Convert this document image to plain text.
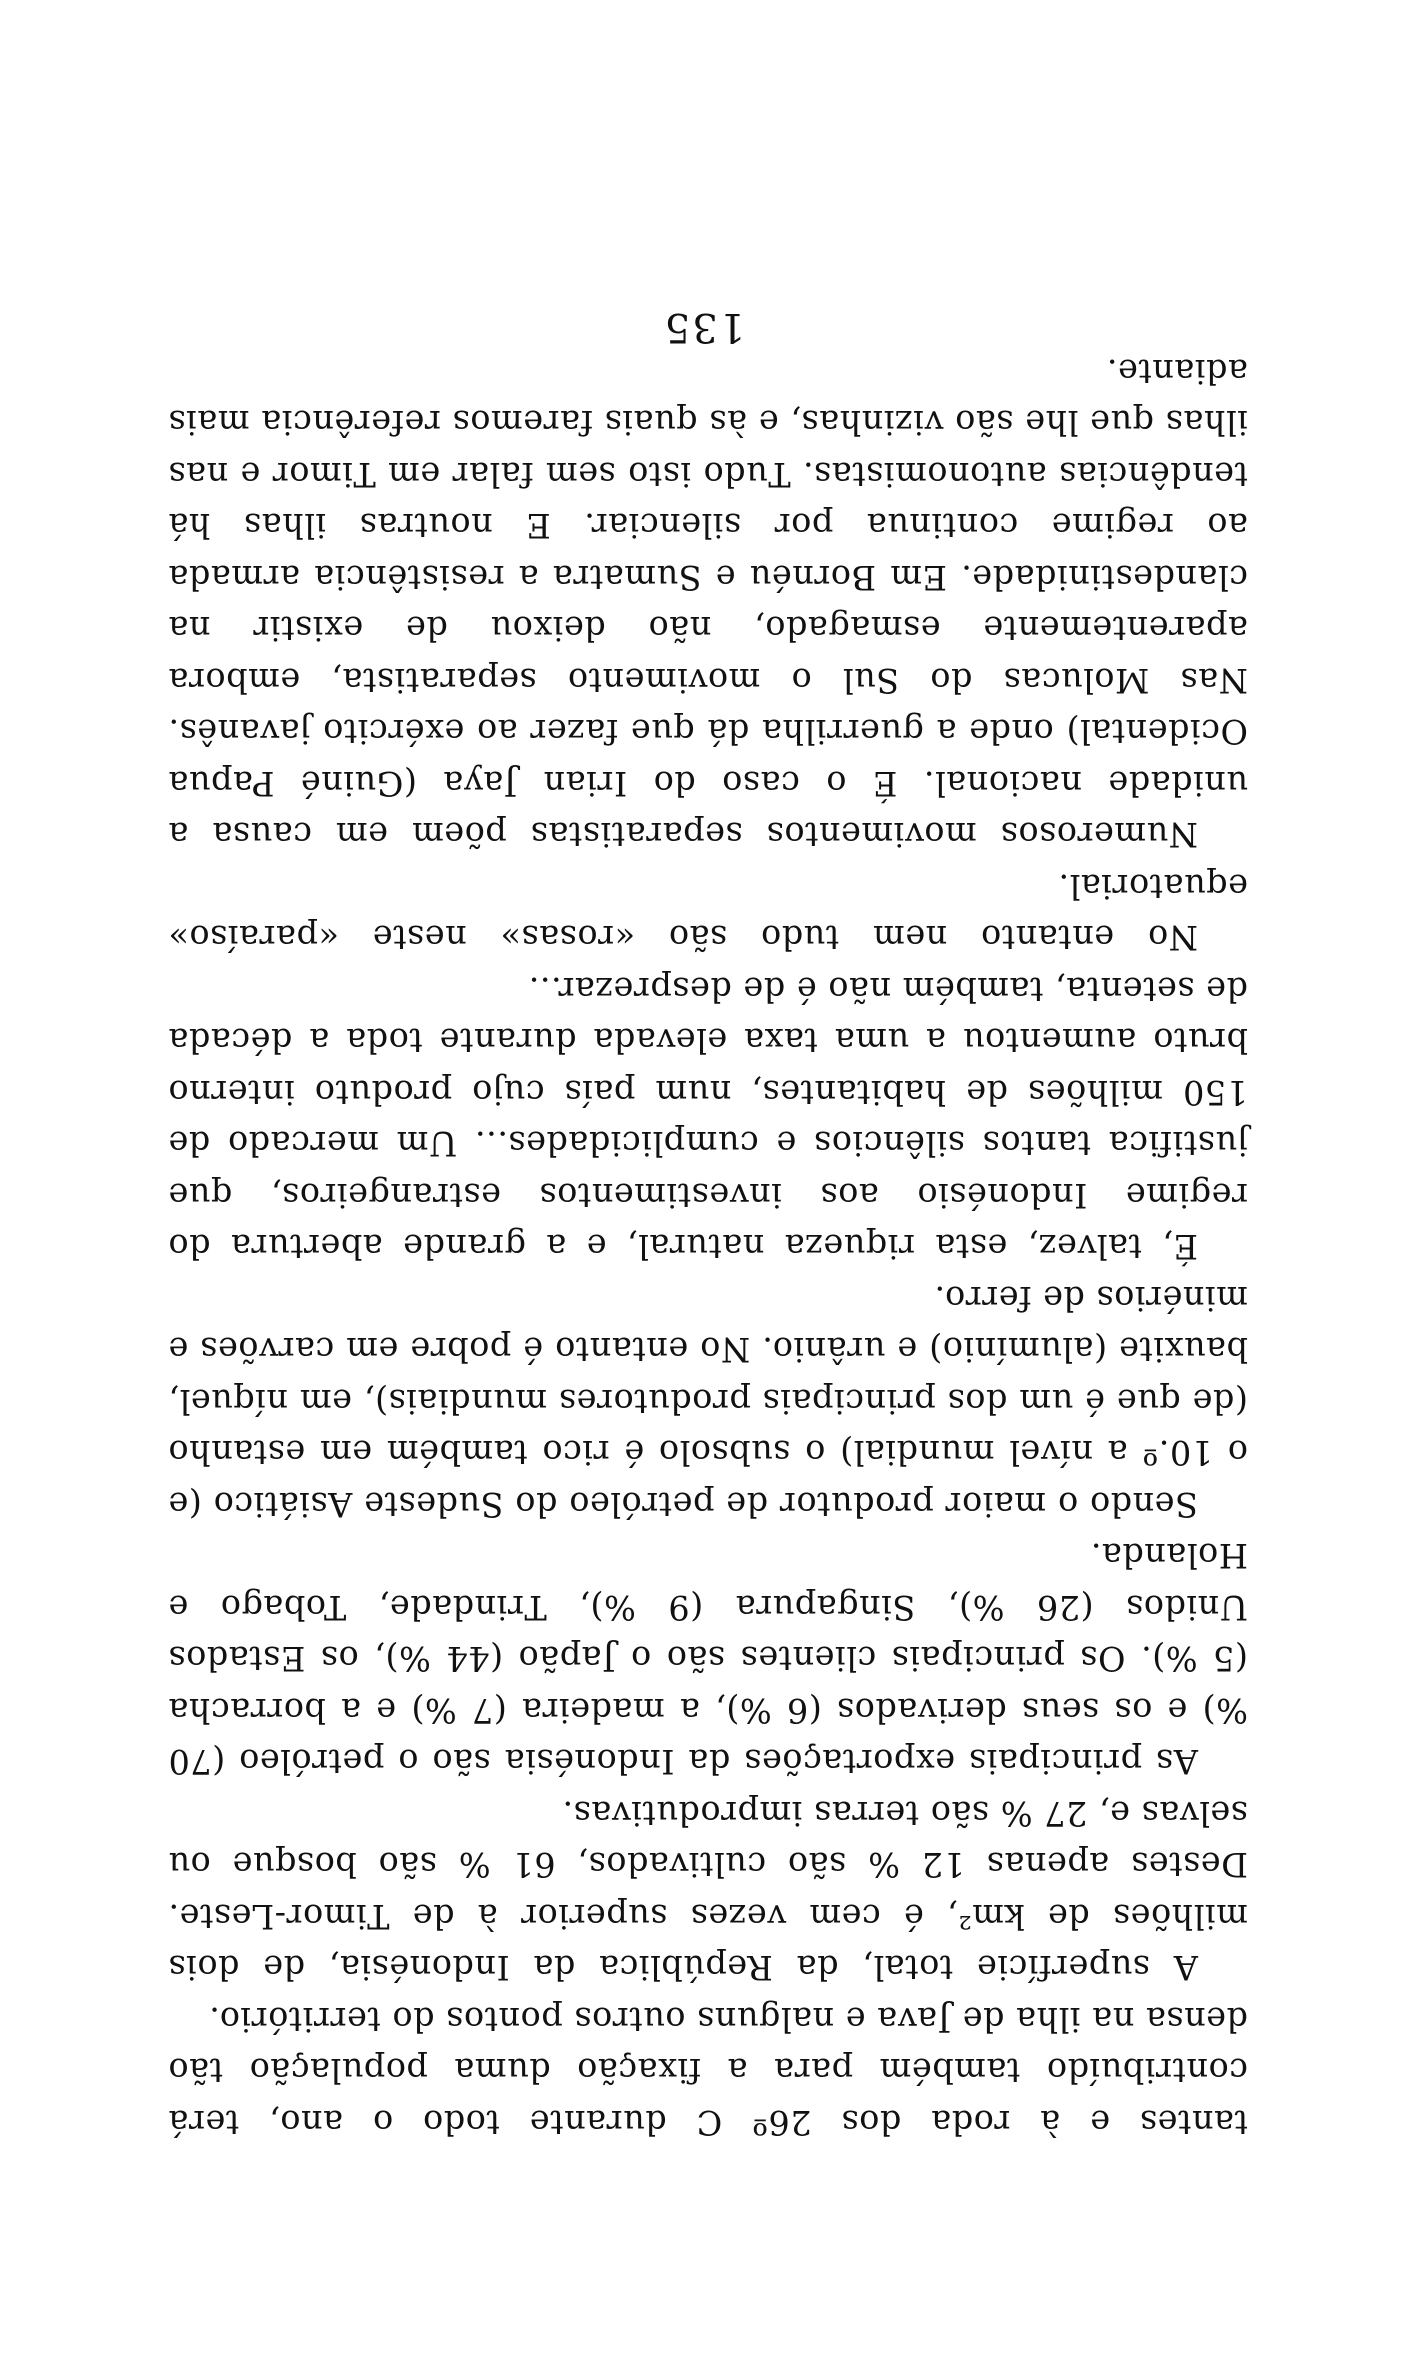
tantes e à roda dos 26º C durante todo o ano, terá contribuído também para a fixação duma população tão densa na ilha de Java e nalguns outros pontos do território.

A superfície total, da República da Indonésia, de dois milhões de km², é cem vezes superior à de Timor-Leste. Destes apenas 12 % são cultivados, 61 % são bosque ou selvas e, 27 % são terras improdutivas.

As principais exportações da Indonésia são o petróleo (70 %) e os seus derivados (6 %), a madeira (7 %) e a borracha (5 %). Os principais clientes são o Japão (44 %), os Estados Unidos (26 %), Singapura (9 %), Trindade, Tobago e Holanda.

Sendo o maior produtor de petróleo do Sudeste Asiático (e o 10.º a nível mundial) o subsolo é rico também em estanho (de que é um dos principais produtores mundiais), em níquel, bauxite (alumínio) e urânio. No entanto é pobre em carvões e minérios de ferro.

É, talvez, esta riqueza natural, e a grande abertura do regime Indonésio aos investimentos estrangeiros, que justifica tantos silêncios e cumplicidades... Um mercado de 150 milhões de habitantes, num país cujo produto interno bruto aumentou a uma taxa elevada durante toda a década de setenta, também não é de desprezar...

No entanto nem tudo são «rosas» neste «paraíso» equatorial.

Numerosos movimentos separatistas põem em causa a unidade nacional. É o caso do Irian Jaya (Guiné Papua Ocidental) onde a guerrilha dá que fazer ao exército javanês. Nas Molucas do Sul o movimento separatista, embora aparentemente esmagado, não deixou de existir na clandestinidade. Em Bornéu e Sumatra a resistência armada ao regime continua por silenciar. E noutras ilhas há tendências autonomistas. Tudo isto sem falar em Timor e nas ilhas que lhe são vizinhas, e às quais faremos referência mais adiante.

135
